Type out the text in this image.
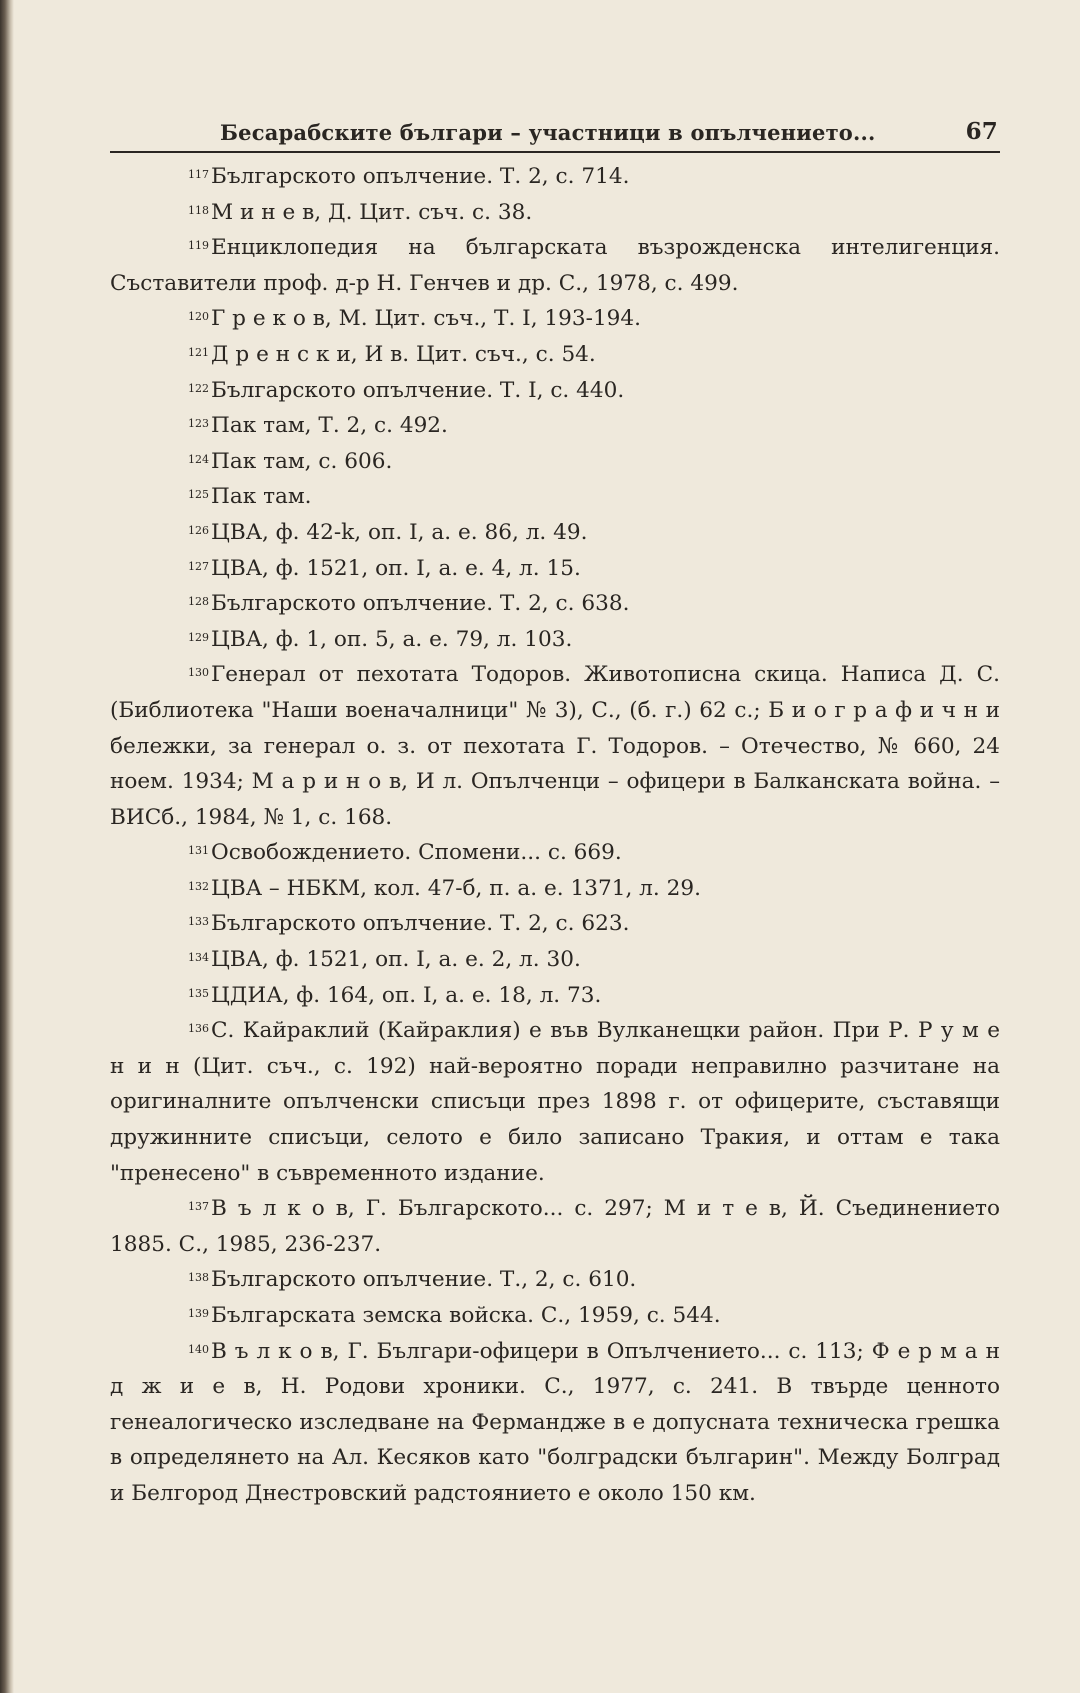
Бесарабските българи – участници в опълчението...	67

$^{117}$Българското опълчение. Т. 2, с. 714.

$^{118}$М и н е в, Д. Цит. съч. с. 38.

$^{119}$Енциклопедия на българската възрожденска интелигенция. Съставители проф. д-р Н. Генчев и др. С., 1978, с. 499.

$^{120}$Г р е к о в, М. Цит. съч., Т. I, 193-194.

$^{121}$Д р е н с к и, И в. Цит. съч., с. 54.

$^{122}$Българското опълчение. Т. I, с. 440.

$^{123}$Пак там, Т. 2, с. 492.

$^{124}$Пак там, с. 606.

$^{125}$Пак там.

$^{126}$ЦВА, ф. 42-k, оп. I, а. е. 86, л. 49.

$^{127}$ЦВА, ф. 1521, оп. I, а. е. 4, л. 15.

$^{128}$Българското опълчение. Т. 2, с. 638.

$^{129}$ЦВА, ф. 1, оп. 5, а. е. 79, л. 103.

$^{130}$Генерал от пехотата Тодоров. Животописна скица. Написа Д. С. (Библиотека "Наши военачалници" № 3), С., (б. г.) 62 с.; Б и о г р а ф и ч н и бележки, за генерал о. з. от пехотата Г. Тодоров. – Отечество, № 660, 24 ноем. 1934; М а р и н о в, И л. Опълченци – офицери в Балканската война. – ВИСб., 1984, № 1, с. 168.

$^{131}$Освобождението. Спомени... с. 669.

$^{132}$ЦВА – НБКМ, кол. 47-б, п. а. е. 1371, л. 29.

$^{133}$Българското опълчение. Т. 2, с. 623.

$^{134}$ЦВА, ф. 1521, оп. I, а. е. 2, л. 30.

$^{135}$ЦДИА, ф. 164, оп. I, а. е. 18, л. 73.

$^{136}$С. Кайраклий (Кайраклия) е във Вулканещки район. При Р. Р у м е н и н (Цит. съч., с. 192) най-вероятно поради неправилно разчитане на оригиналните опълченски списъци през 1898 г. от офицерите, съставящи дружинните списъци, селото е било записано Тракия, и оттам е така "пренесено" в съвременното издание.

$^{137}$В ъ л к о в, Г. Българското... с. 297; М и т е в, Й. Съединението 1885. С., 1985, 236-237.

$^{138}$Българското опълчение. Т., 2, с. 610.

$^{139}$Българската земска войска. С., 1959, с. 544.

$^{140}$В ъ л к о в, Г. Българи-офицери в Опълчението... с. 113; Ф е р м а н д ж и е в, Н. Родови хроники. С., 1977, с. 241. В твърде ценното генеалогическо изследване на Фермандже в е допусната техническа грешка в определянето на Ал. Кесяков като "болградски българин". Между Болград и Белгород Днестровский радстоянието е около 150 км.
